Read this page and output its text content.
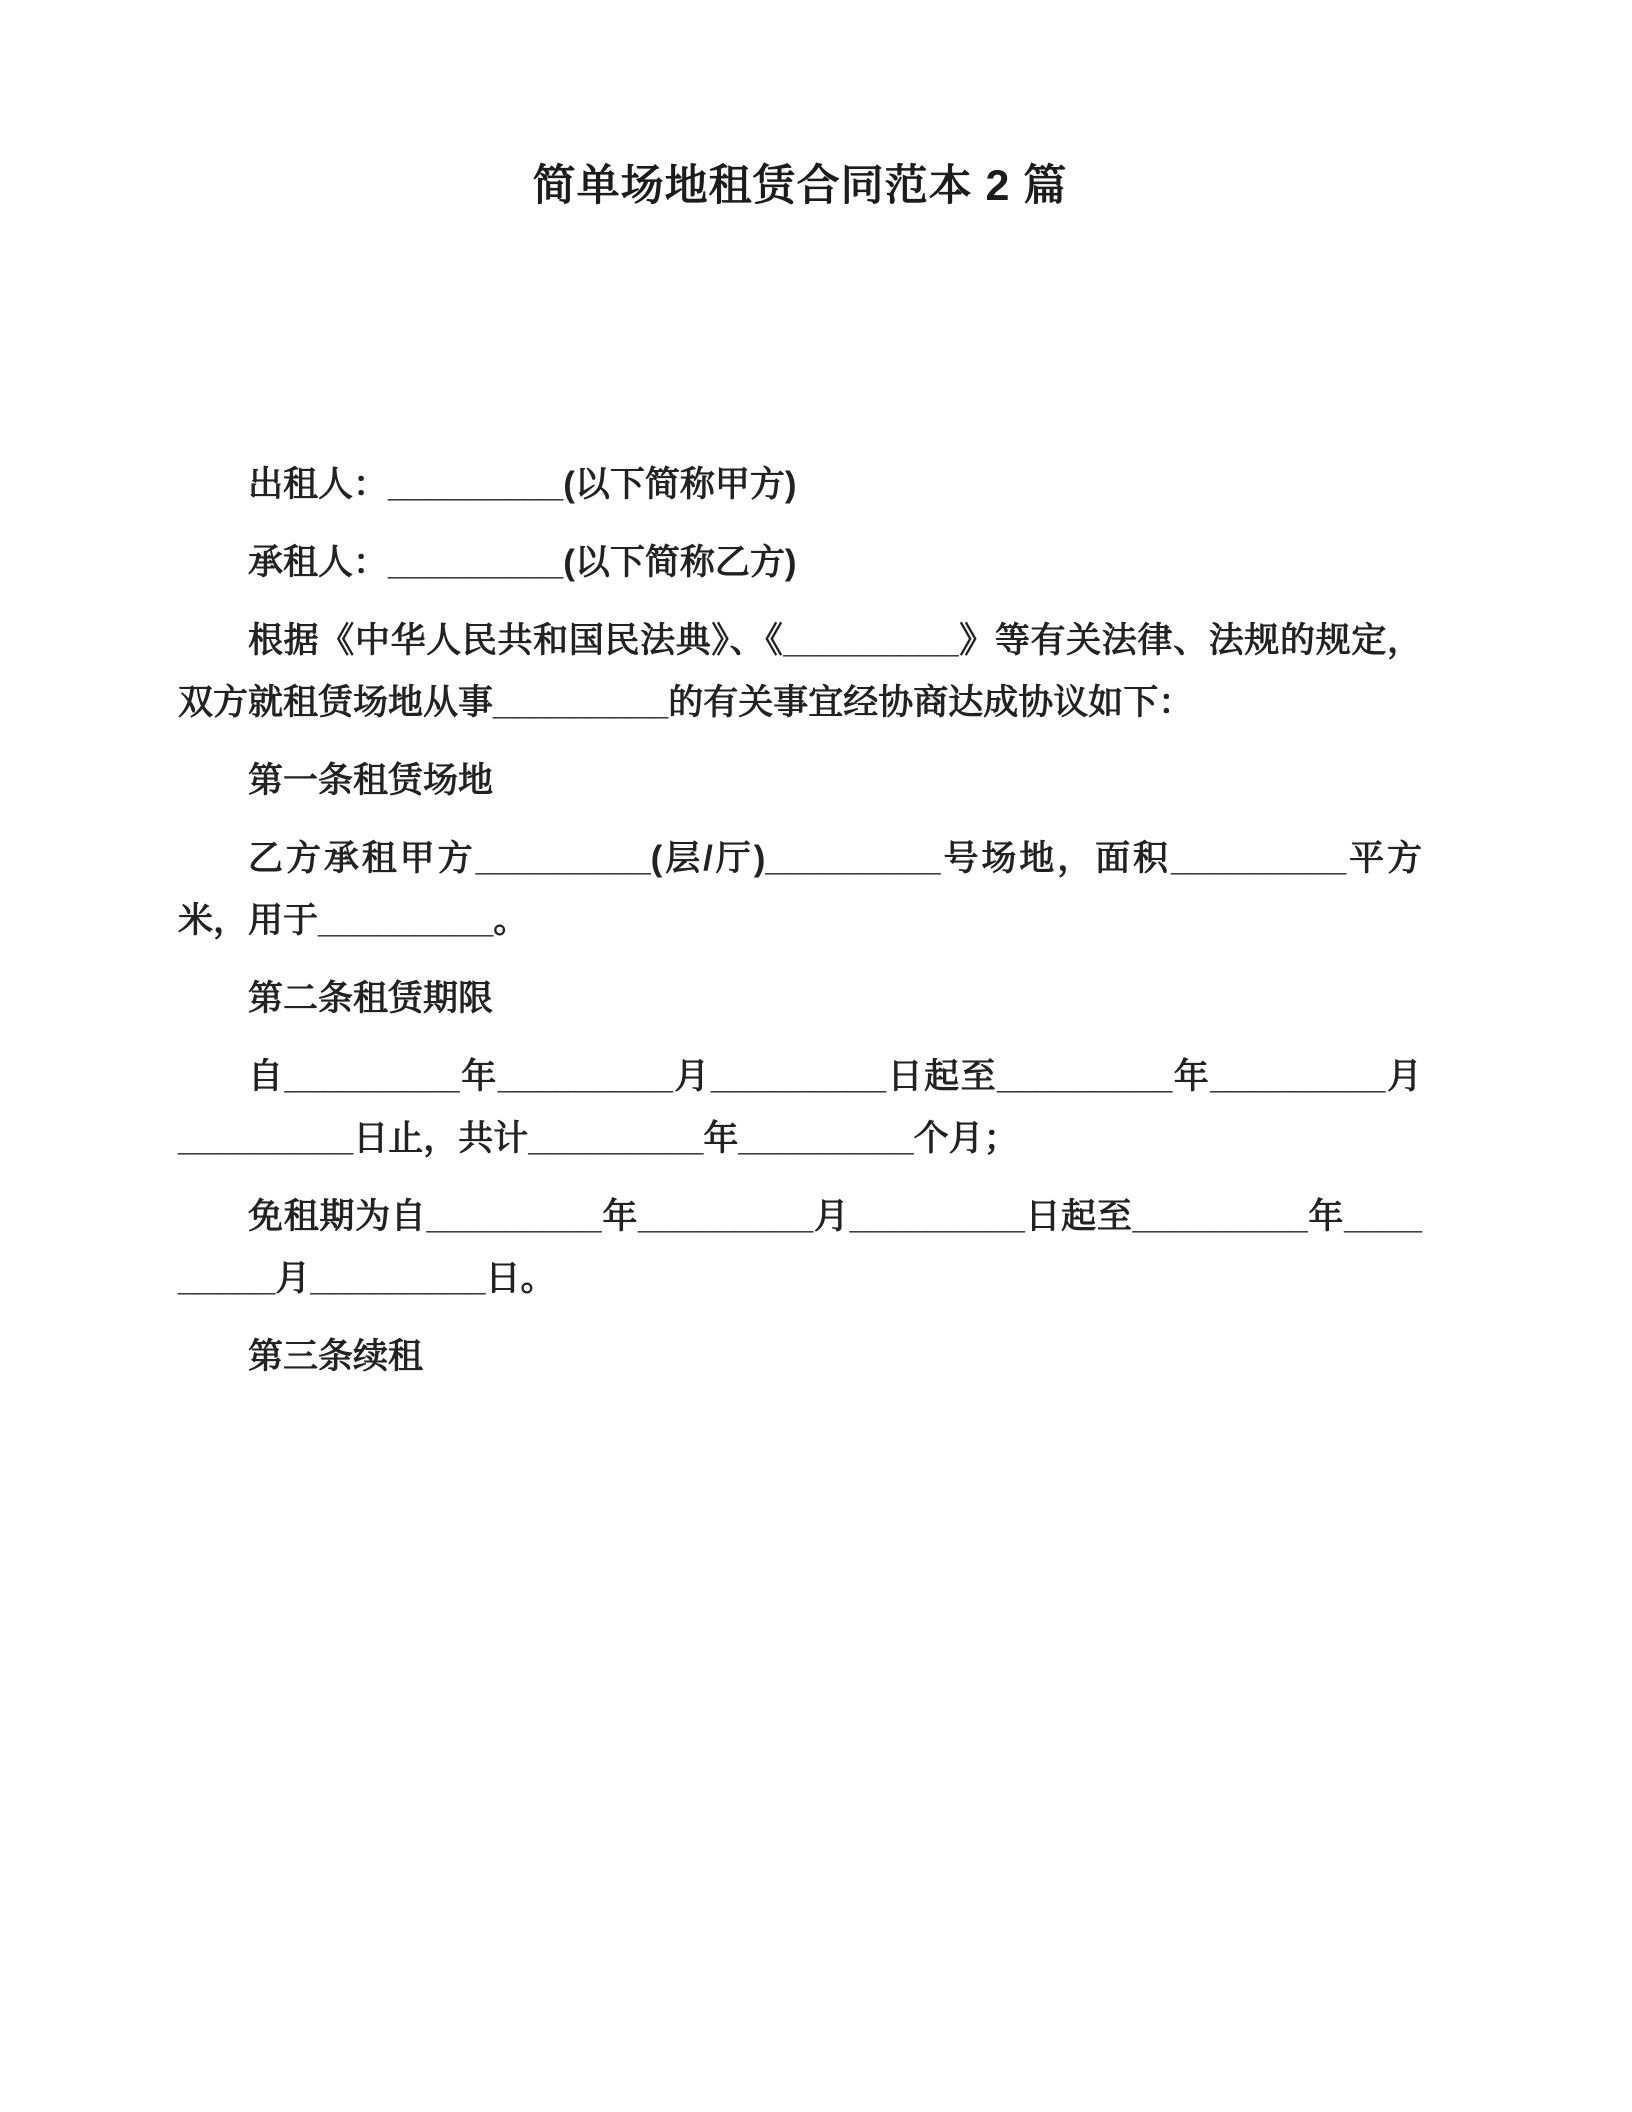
简单场地租赁合同范本 2 篇

出租人：_________(以下简称甲方)

承租人：_________(以下简称乙方)

根据《中华人民共和国民法典》、《_________》等有关法律、法规的规定，双方就租赁场地从事_________的有关事宜经协商达成协议如下：

第一条租赁场地

乙方承租甲方_________(层/厅)_________号场地，面积_________平方米，用于_________。

第二条租赁期限

自_________年_________月_________日起至_________年_________月_________日止，共计_________年_________个月；

免租期为自_________年_________月_________日起至_________年_________月_________日。

第三条续租
